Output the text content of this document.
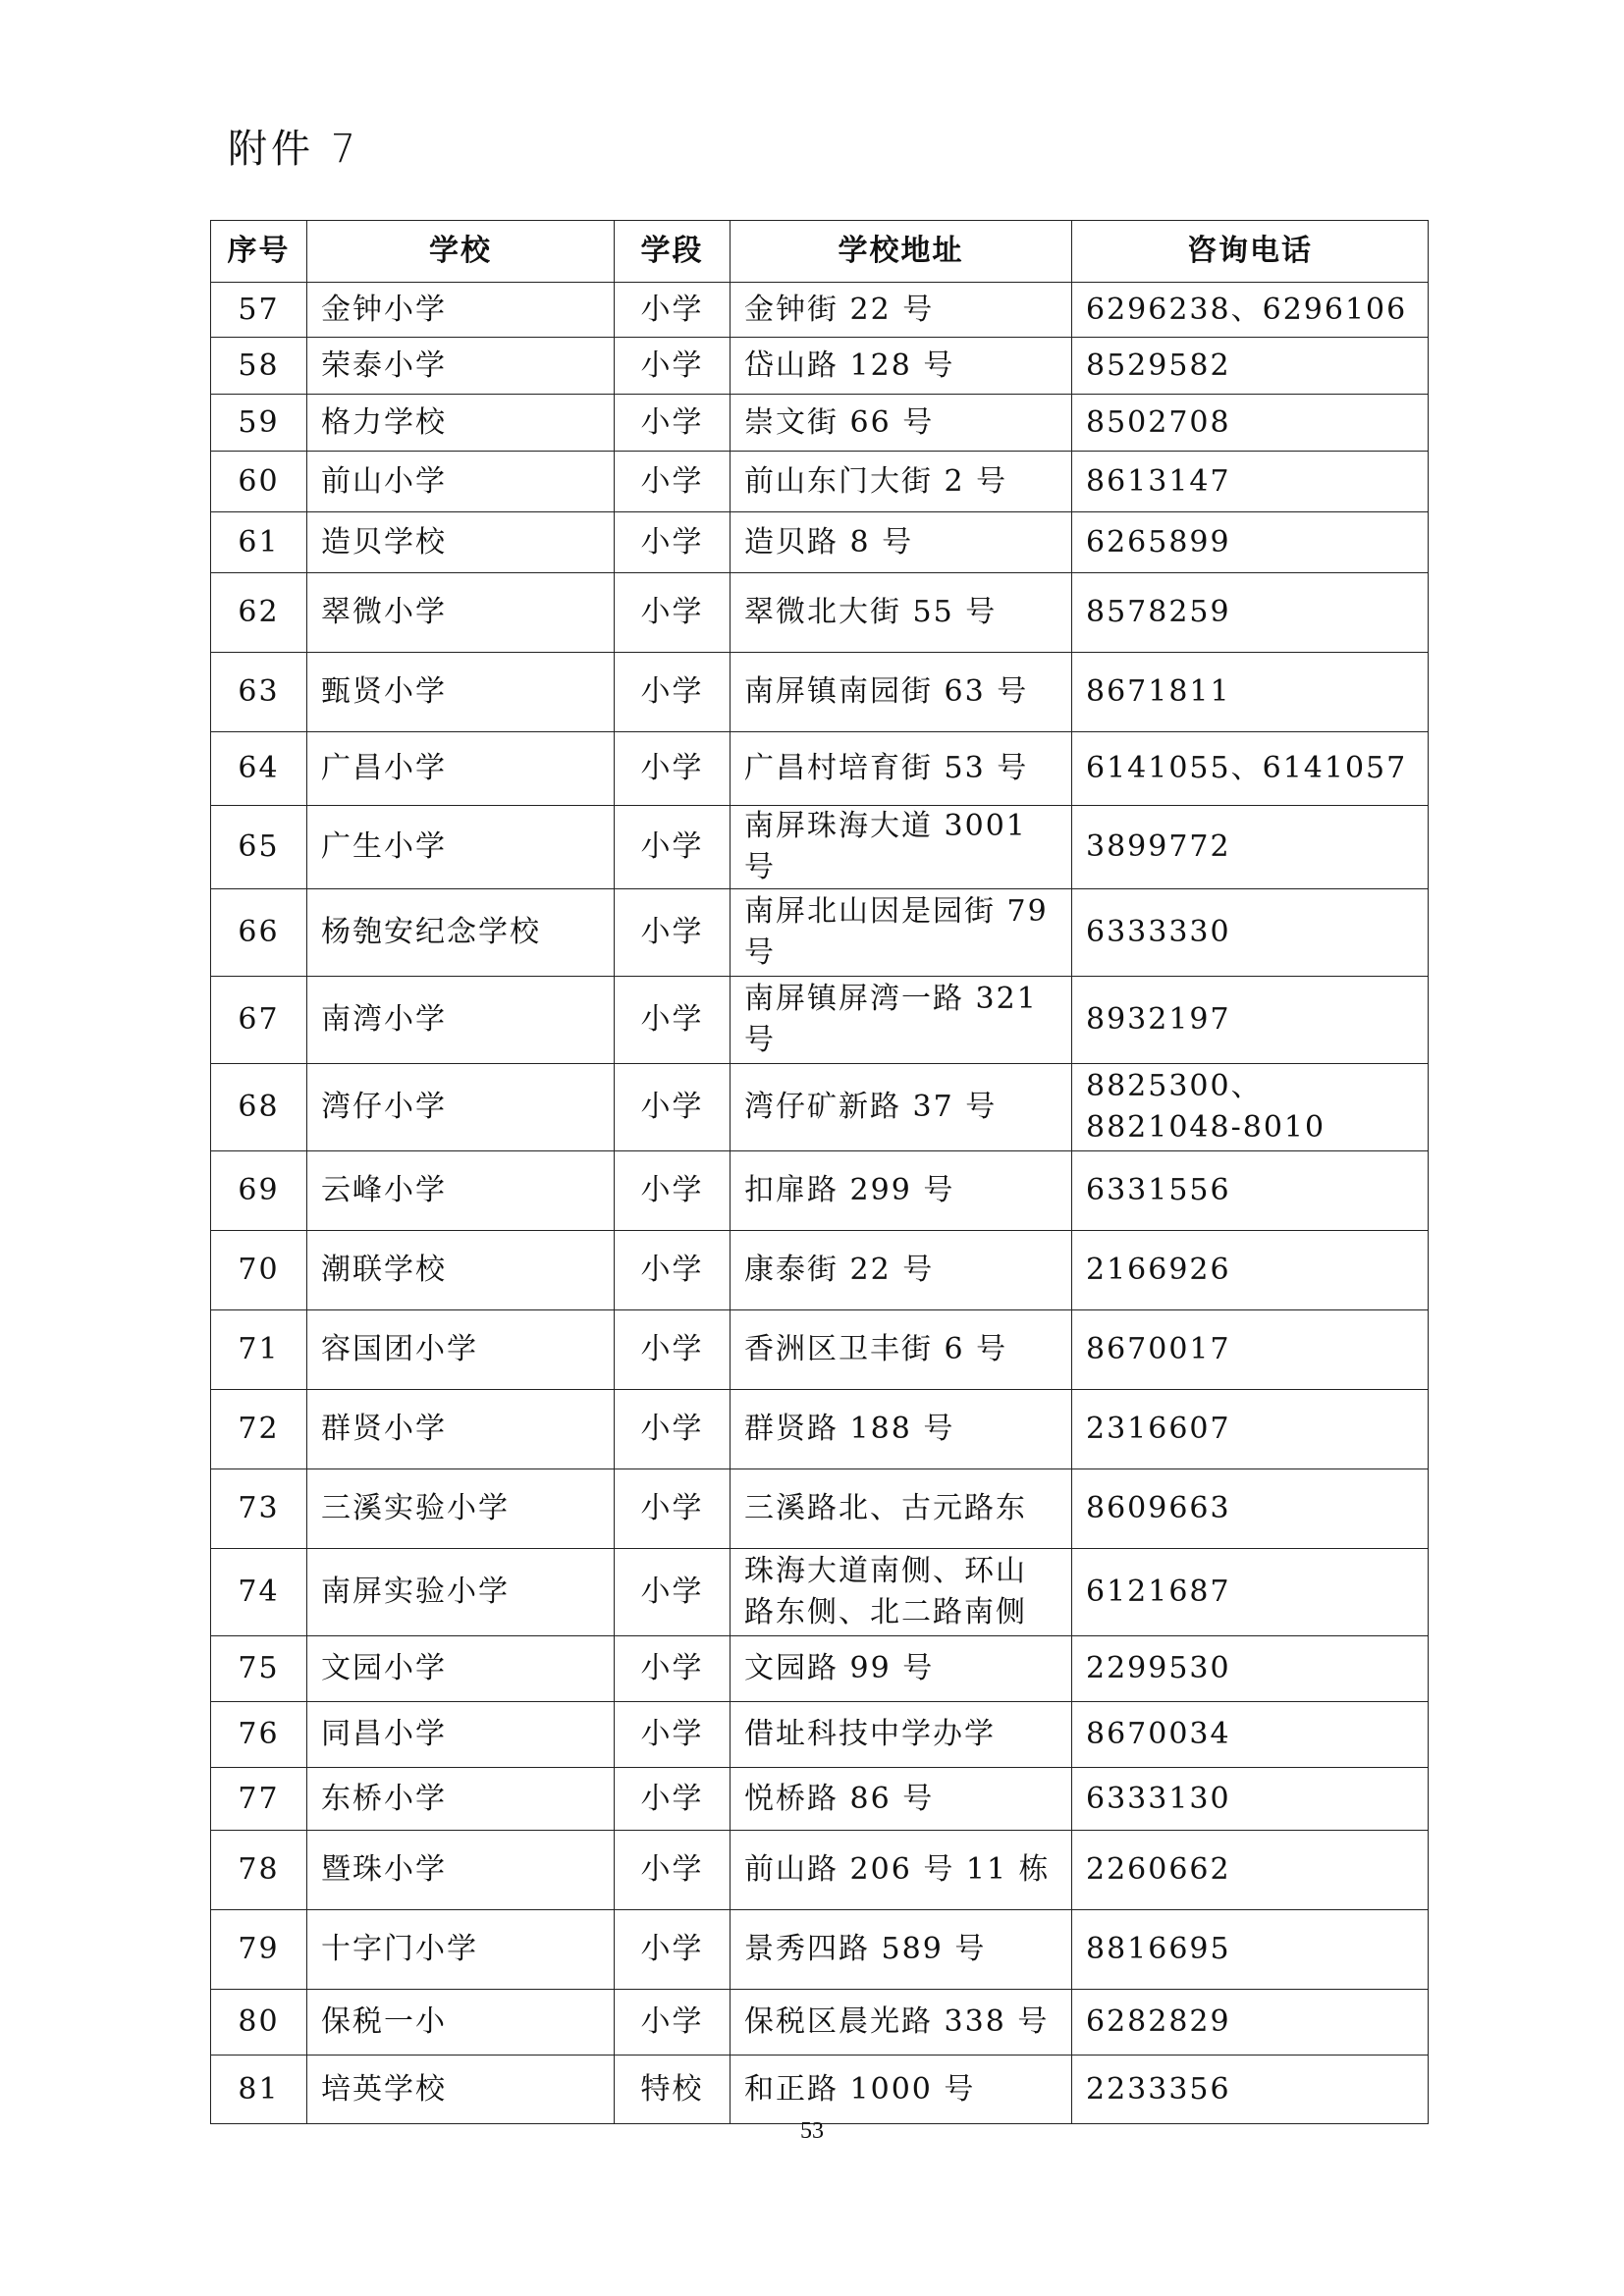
附件 7
序号	学校	学段	学校地址	咨询电话
57	金钟小学	小学	金钟街 22 号	6296238、6296106
58	荣泰小学	小学	岱山路 128 号	8529582
59	格力学校	小学	崇文街 66 号	8502708
60	前山小学	小学	前山东门大街 2 号	8613147
61	造贝学校	小学	造贝路 8 号	6265899
62	翠微小学	小学	翠微北大街 55 号	8578259
63	甄贤小学	小学	南屏镇南园街 63 号	8671811
64	广昌小学	小学	广昌村培育街 53 号	6141055、6141057
65	广生小学	小学	南屏珠海大道 3001 号	3899772
66	杨匏安纪念学校	小学	南屏北山因是园街 79 号	6333330
67	南湾小学	小学	南屏镇屏湾一路 321 号	8932197
68	湾仔小学	小学	湾仔矿新路 37 号	8825300、8821048-8010
69	云峰小学	小学	扣扉路 299 号	6331556
70	潮联学校	小学	康泰街 22 号	2166926
71	容国团小学	小学	香洲区卫丰街 6 号	8670017
72	群贤小学	小学	群贤路 188 号	2316607
73	三溪实验小学	小学	三溪路北、古元路东	8609663
74	南屏实验小学	小学	珠海大道南侧、环山路东侧、北二路南侧	6121687
75	文园小学	小学	文园路 99 号	2299530
76	同昌小学	小学	借址科技中学办学	8670034
77	东桥小学	小学	悦桥路 86 号	6333130
78	暨珠小学	小学	前山路 206 号 11 栋	2260662
79	十字门小学	小学	景秀四路 589 号	8816695
80	保税一小	小学	保税区晨光路 338 号	6282829
81	培英学校	特校	和正路 1000 号	2233356
53
